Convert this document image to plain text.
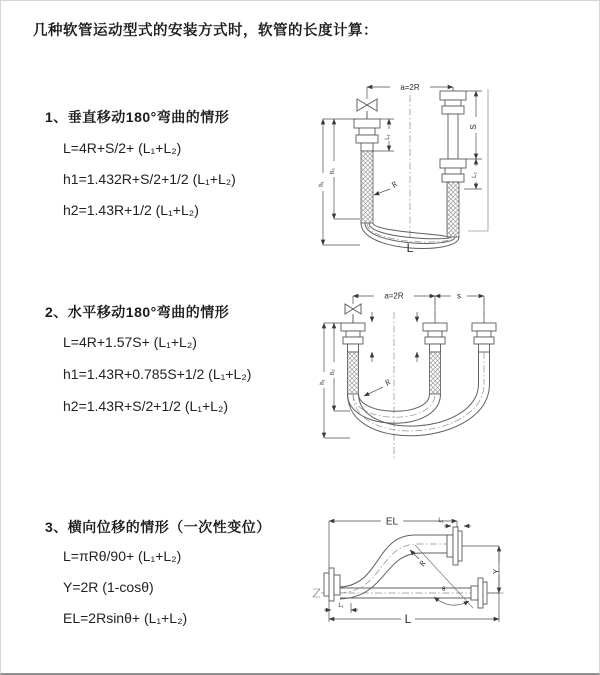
几种软管运动型式的安装方式时，软管的长度计算：
1、垂直移动180°弯曲的情形
L=4R+S/2+ (L₁+L₂)
h1=1.432R+S/2+1/2 (L₁+L₂)
h2=1.43R+1/2 (L₁+L₂)
2、水平移动180°弯曲的情形
L=4R+1.57S+ (L₁+L₂)
h1=1.43R+0.785S+1/2 (L₁+L₂)
h2=1.43R+S/2+1/2 (L₁+L₂)
3、横向位移的情形（一次性变位）
L=πRθ/90+ (L₁+L₂)
Y=2R (1-cosθ)
EL=2Rsinθ+ (L₁+L₂)
a=2R
R
h₁
h₂
L₁
S
L₂
L
a=2R	s
R
h₁
h₂
θ
R
EL	L₁
L₁
L
Y
